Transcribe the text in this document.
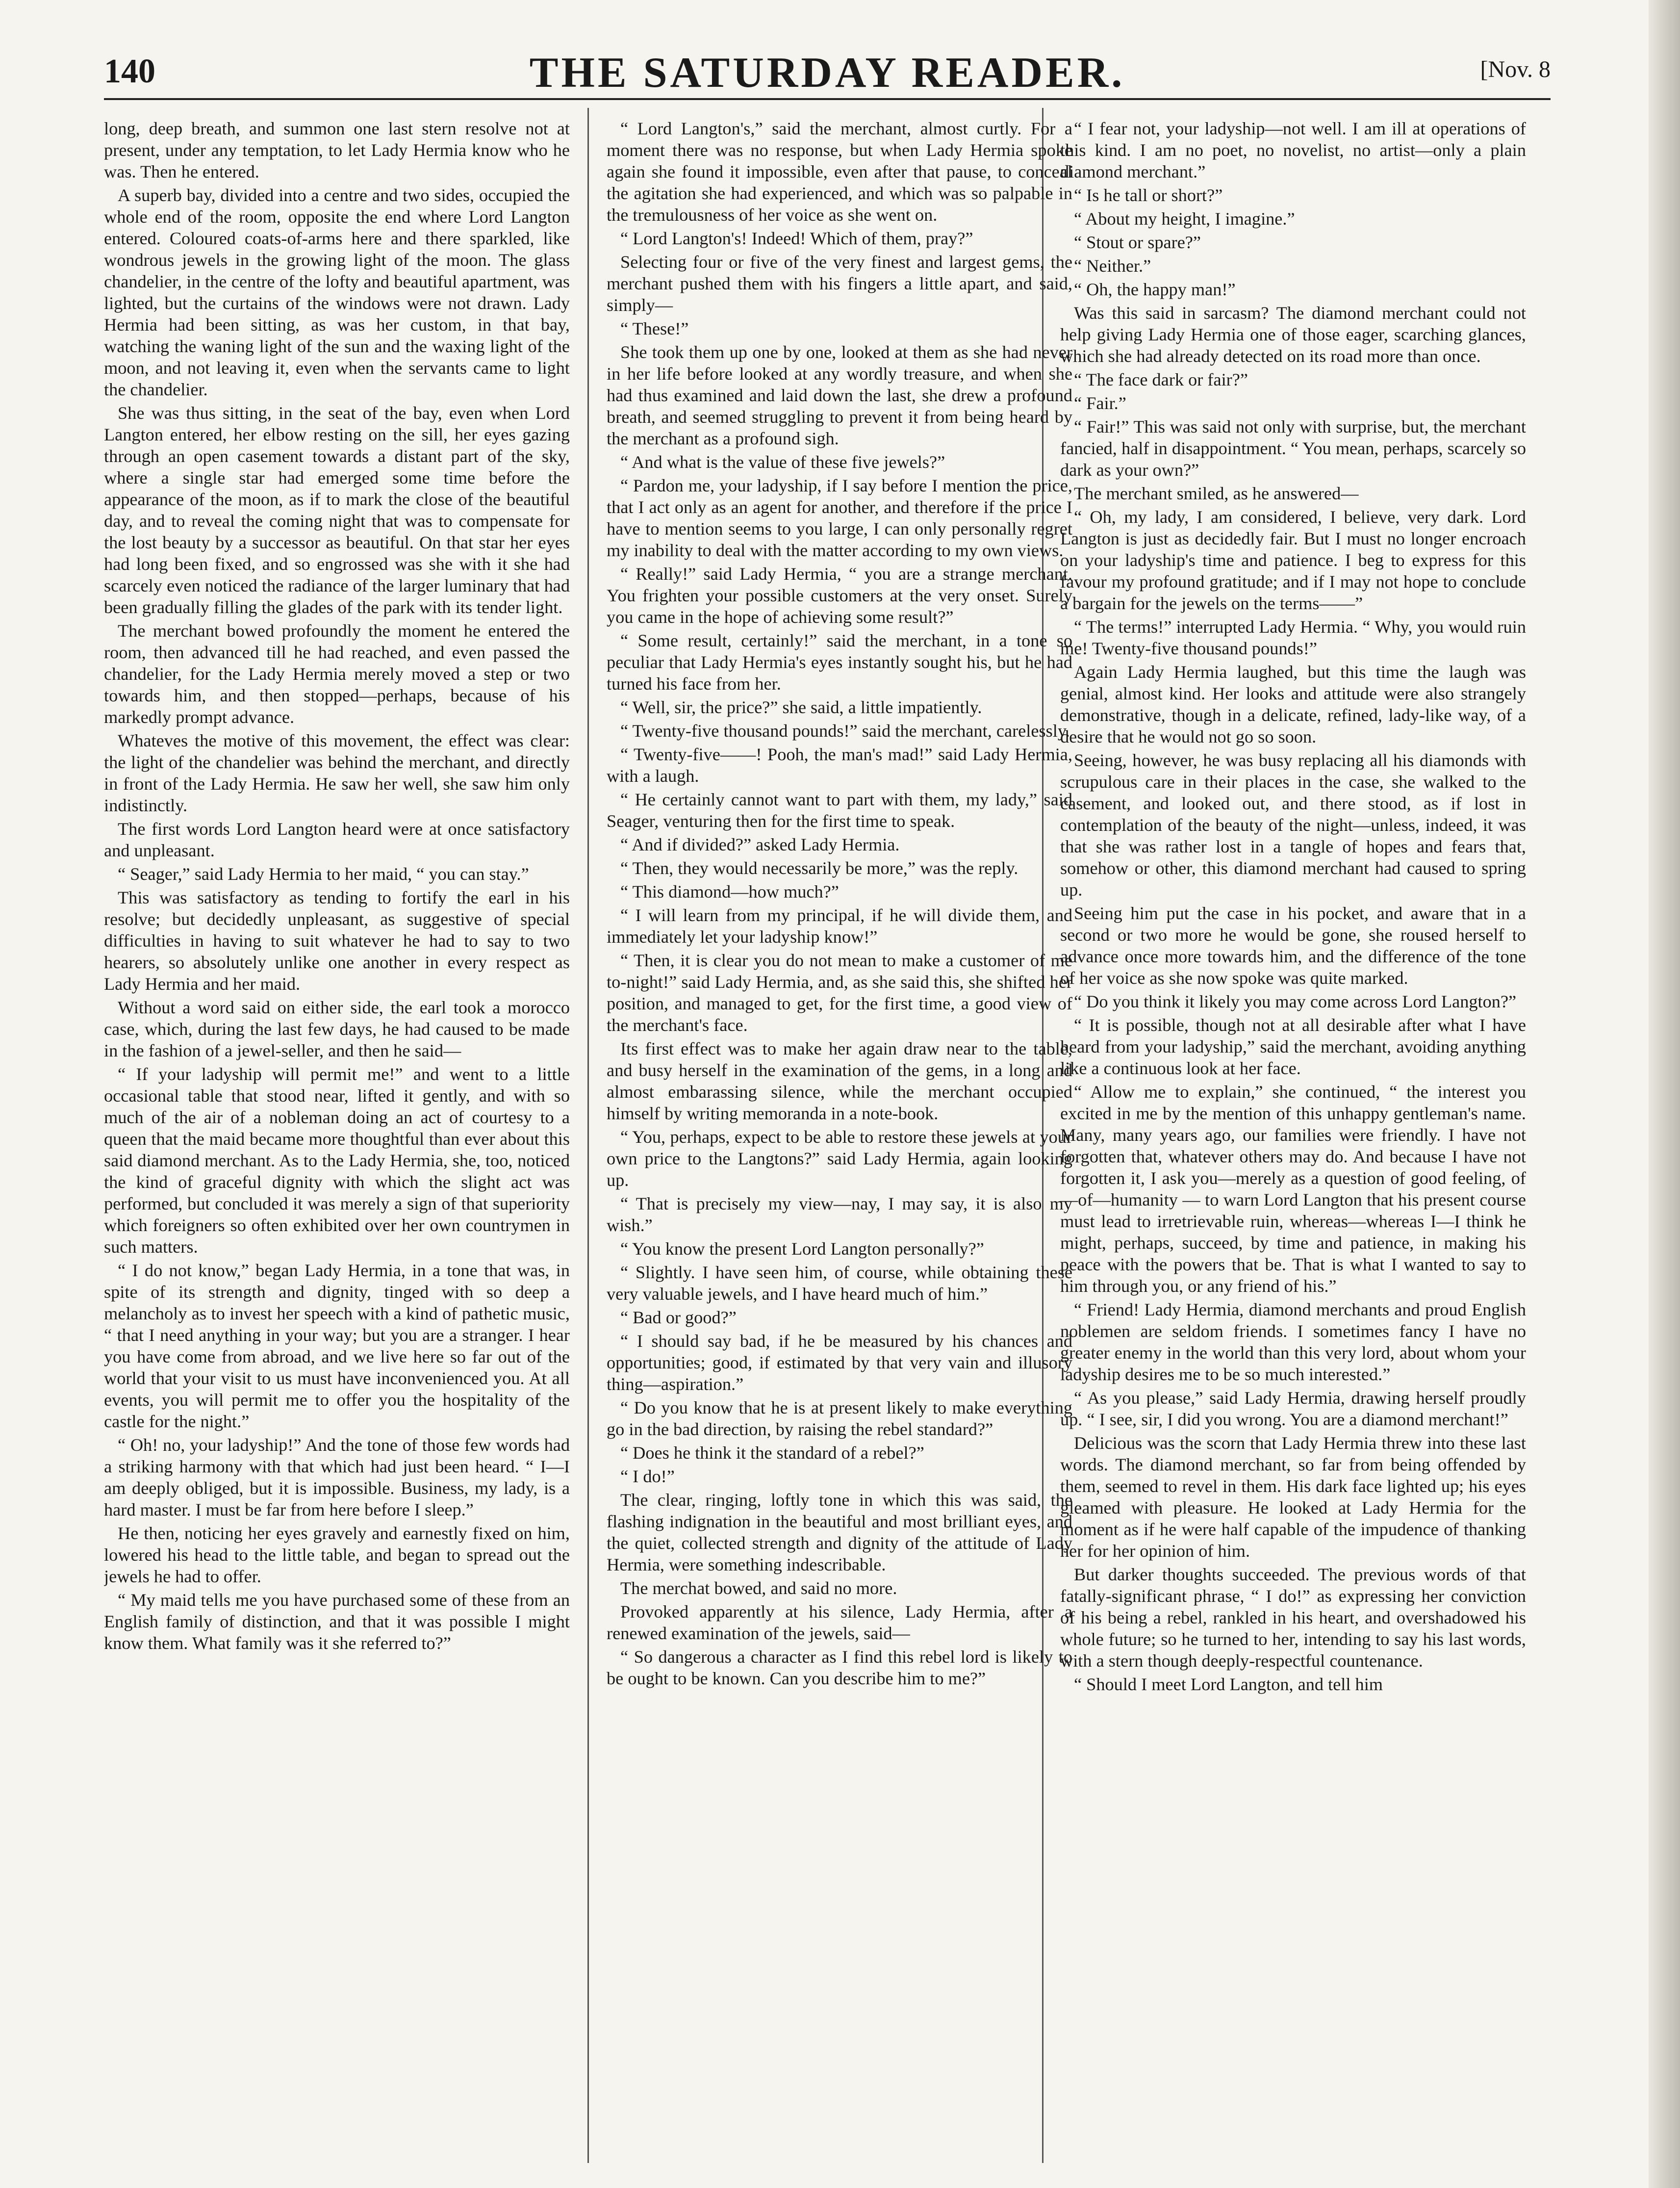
140	THE SATURDAY READER.	[Nov. 8

long, deep breath, and summon one last stern resolve not at present, under any temptation, to let Lady Hermia know who he was. Then he entered.

A superb bay, divided into a centre and two sides, occupied the whole end of the room, opposite the end where Lord Langton entered. Coloured coats-of-arms here and there sparkled, like wondrous jewels in the growing light of the moon. The glass chandelier, in the centre of the lofty and beautiful apartment, was lighted, but the curtains of the windows were not drawn. Lady Hermia had been sitting, as was her custom, in that bay, watching the waning light of the sun and the waxing light of the moon, and not leaving it, even when the servants came to light the chandelier.

She was thus sitting, in the seat of the bay, even when Lord Langton entered, her elbow resting on the sill, her eyes gazing through an open casement towards a distant part of the sky, where a single star had emerged some time before the appearance of the moon, as if to mark the close of the beautiful day, and to reveal the coming night that was to compensate for the lost beauty by a successor as beautiful. On that star her eyes had long been fixed, and so engrossed was she with it she had scarcely even noticed the radiance of the larger luminary that had been gradually filling the glades of the park with its tender light.

The merchant bowed profoundly the moment he entered the room, then advanced till he had reached, and even passed the chandelier, for the Lady Hermia merely moved a step or two towards him, and then stopped—perhaps, because of his markedly prompt advance.

Whateves the motive of this movement, the effect was clear: the light of the chandelier was behind the merchant, and directly in front of the Lady Hermia. He saw her well, she saw him only indistinctly.

The first words Lord Langton heard were at once satisfactory and unpleasant.

“ Seager,” said Lady Hermia to her maid, “ you can stay.”

This was satisfactory as tending to fortify the earl in his resolve; but decidedly unpleasant, as suggestive of special difficulties in having to suit whatever he had to say to two hearers, so absolutely unlike one another in every respect as Lady Hermia and her maid.

Without a word said on either side, the earl took a morocco case, which, during the last few days, he had caused to be made in the fashion of a jewel-seller, and then he said—

“ If your ladyship will permit me!” and went to a little occasional table that stood near, lifted it gently, and with so much of the air of a nobleman doing an act of courtesy to a queen that the maid became more thoughtful than ever about this said diamond merchant. As to the Lady Hermia, she, too, noticed the kind of graceful dignity with which the slight act was performed, but concluded it was merely a sign of that superiority which foreigners so often exhibited over her own countrymen in such matters.

“ I do not know,” began Lady Hermia, in a tone that was, in spite of its strength and dignity, tinged with so deep a melancholy as to invest her speech with a kind of pathetic music, “ that I need anything in your way; but you are a stranger. I hear you have come from abroad, and we live here so far out of the world that your visit to us must have inconvenienced you. At all events, you will permit me to offer you the hospitality of the castle for the night.”

“ Oh! no, your ladyship!” And the tone of those few words had a striking harmony with that which had just been heard. “ I—I am deeply obliged, but it is impossible. Business, my lady, is a hard master. I must be far from here before I sleep.”

He then, noticing her eyes gravely and earnestly fixed on him, lowered his head to the little table, and began to spread out the jewels he had to offer.

“ My maid tells me you have purchased some of these from an English family of distinction, and that it was possible I might know them. What family was it she referred to?”

“ Lord Langton's,” said the merchant, almost curtly. For a moment there was no response, but when Lady Hermia spoke again she found it impossible, even after that pause, to conceal the agitation she had experienced, and which was so palpable in the tremulousness of her voice as she went on.

“ Lord Langton's! Indeed! Which of them, pray?”

Selecting four or five of the very finest and largest gems, the merchant pushed them with his fingers a little apart, and said, simply—

“ These!”

She took them up one by one, looked at them as she had never in her life before looked at any wordly treasure, and when she had thus examined and laid down the last, she drew a profound breath, and seemed struggling to prevent it from being heard by the merchant as a profound sigh.

“ And what is the value of these five jewels?”

“ Pardon me, your ladyship, if I say before I mention the price, that I act only as an agent for another, and therefore if the price I have to mention seems to you large, I can only personally regret my inability to deal with the matter according to my own views.

“ Really!” said Lady Hermia, “ you are a strange merchant. You frighten your possible customers at the very onset. Surely you came in the hope of achieving some result?”

“ Some result, certainly!” said the merchant, in a tone so peculiar that Lady Hermia's eyes instantly sought his, but he had turned his face from her.

“ Well, sir, the price?” she said, a little impatiently.

“ Twenty-five thousand pounds!” said the merchant, carelessly.

“ Twenty-five——! Pooh, the man's mad!” said Lady Hermia, with a laugh.

“ He certainly cannot want to part with them, my lady,” said Seager, venturing then for the first time to speak.

“ And if divided?” asked Lady Hermia.

“ Then, they would necessarily be more,” was the reply.

“ This diamond—how much?”

“ I will learn from my principal, if he will divide them, and immediately let your ladyship know!”

“ Then, it is clear you do not mean to make a customer of me to-night!” said Lady Hermia, and, as she said this, she shifted her position, and managed to get, for the first time, a good view of the merchant's face.

Its first effect was to make her again draw near to the table, and busy herself in the examination of the gems, in a long and almost embarassing silence, while the merchant occupied himself by writing memoranda in a note-book.

“ You, perhaps, expect to be able to restore these jewels at your own price to the Langtons?” said Lady Hermia, again looking up.

“ That is precisely my view—nay, I may say, it is also my wish.”

“ You know the present Lord Langton personally?”

“ Slightly. I have seen him, of course, while obtaining these very valuable jewels, and I have heard much of him.”

“ Bad or good?”

“ I should say bad, if he be measured by his chances and opportunities; good, if estimated by that very vain and illusory thing—aspiration.”

“ Do you know that he is at present likely to make everything go in the bad direction, by raising the rebel standard?”

“ Does he think it the standard of a rebel?”

“ I do!”

The clear, ringing, loftly tone in which this was said, the flashing indignation in the beautiful and most brilliant eyes, and the quiet, collected strength and dignity of the attitude of Lady Hermia, were something indescribable.

The merchat bowed, and said no more.

Provoked apparently at his silence, Lady Hermia, after a renewed examination of the jewels, said—

“ So dangerous a character as I find this rebel lord is likely to be ought to be known. Can you describe him to me?”

“ I fear not, your ladyship—not well. I am ill at operations of this kind. I am no poet, no novelist, no artist—only a plain diamond merchant.”

“ Is he tall or short?”

“ About my height, I imagine.”

“ Stout or spare?”

“ Neither.”

“ Oh, the happy man!”

Was this said in sarcasm? The diamond merchant could not help giving Lady Hermia one of those eager, scarching glances, which she had already detected on its road more than once.

“ The face dark or fair?”

“ Fair.”

“ Fair!” This was said not only with surprise, but, the merchant fancied, half in disappointment. “ You mean, perhaps, scarcely so dark as your own?”

The merchant smiled, as he answered—

“ Oh, my lady, I am considered, I believe, very dark. Lord Langton is just as decidedly fair. But I must no longer encroach on your ladyship's time and patience. I beg to express for this favour my profound gratitude; and if I may not hope to conclude a bargain for the jewels on the terms——”

“ The terms!” interrupted Lady Hermia. “ Why, you would ruin me! Twenty-five thousand pounds!”

Again Lady Hermia laughed, but this time the laugh was genial, almost kind. Her looks and attitude were also strangely demonstrative, though in a delicate, refined, lady-like way, of a desire that he would not go so soon.

Seeing, however, he was busy replacing all his diamonds with scrupulous care in their places in the case, she walked to the casement, and looked out, and there stood, as if lost in contemplation of the beauty of the night—unless, indeed, it was that she was rather lost in a tangle of hopes and fears that, somehow or other, this diamond merchant had caused to spring up.

Seeing him put the case in his pocket, and aware that in a second or two more he would be gone, she roused herself to advance once more towards him, and the difference of the tone of her voice as she now spoke was quite marked.

“ Do you think it likely you may come across Lord Langton?”

“ It is possible, though not at all desirable after what I have heard from your ladyship,” said the merchant, avoiding anything like a continuous look at her face.

“ Allow me to explain,” she continued, “ the interest you excited in me by the mention of this unhappy gentleman's name. Many, many years ago, our families were friendly. I have not forgotten that, whatever others may do. And because I have not forgotten it, I ask you—merely as a question of good feeling, of—of—humanity — to warn Lord Langton that his present course must lead to irretrievable ruin, whereas—whereas I—I think he might, perhaps, succeed, by time and patience, in making his peace with the powers that be. That is what I wanted to say to him through you, or any friend of his.”

“ Friend! Lady Hermia, diamond merchants and proud English noblemen are seldom friends. I sometimes fancy I have no greater enemy in the world than this very lord, about whom your ladyship desires me to be so much interested.”

“ As you please,” said Lady Hermia, drawing herself proudly up. “ I see, sir, I did you wrong. You are a diamond merchant!”

Delicious was the scorn that Lady Hermia threw into these last words. The diamond merchant, so far from being offended by them, seemed to revel in them. His dark face lighted up; his eyes gleamed with pleasure. He looked at Lady Hermia for the moment as if he were half capable of the impudence of thanking her for her opinion of him.

But darker thoughts succeeded. The previous words of that fatally-significant phrase, “ I do!” as expressing her conviction of his being a rebel, rankled in his heart, and overshadowed his whole future; so he turned to her, intending to say his last words, with a stern though deeply-respectful countenance.

“ Should I meet Lord Langton, and tell him
